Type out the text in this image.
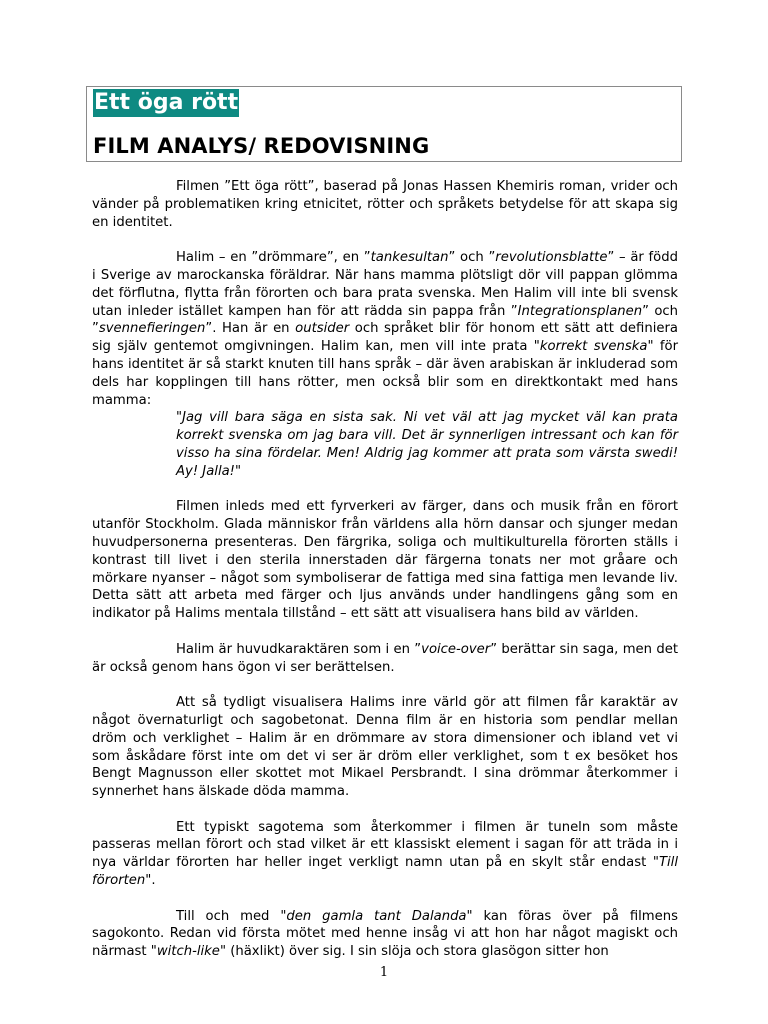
Ett öga rött
FILM ANALYS/ REDOVISNING

Filmen ”Ett öga rött”, baserad på Jonas Hassen Khemiris roman, vrider och vänder på problematiken kring etnicitet, rötter och språkets betydelse för att skapa sig en identitet.

Halim – en ”drömmare”, en ”tankesultan” och ”revolutionsblatte” – är född i Sverige av marockanska föräldrar. När hans mamma plötsligt dör vill pappan glömma det förflutna, flytta från förorten och bara prata svenska. Men Halim vill inte bli svensk utan inleder istället kampen han för att rädda sin pappa från ”Integrationsplanen” och ”svennefieringen”. Han är en outsider och språket blir för honom ett sätt att definiera sig själv gentemot omgivningen. Halim kan, men vill inte prata "korrekt svenska" för hans identitet är så starkt knuten till hans språk – där även arabiskan är inkluderad som dels har kopplingen till hans rötter, men också blir som en direktkontakt med hans mamma:
"Jag vill bara säga en sista sak. Ni vet väl att jag mycket väl kan prata korrekt svenska om jag bara vill. Det är synnerligen intressant och kan för visso ha sina fördelar. Men! Aldrig jag kommer att prata som värsta swedi! Ay! Jalla!"

Filmen inleds med ett fyrverkeri av färger, dans och musik från en förort utanför Stockholm. Glada människor från världens alla hörn dansar och sjunger medan huvudpersonerna presenteras. Den färgrika, soliga och multikulturella förorten ställs i kontrast till livet i den sterila innerstaden där färgerna tonats ner mot gråare och mörkare nyanser – något som symboliserar de fattiga med sina fattiga men levande liv. Detta sätt att arbeta med färger och ljus används under handlingens gång som en indikator på Halims mentala tillstånd – ett sätt att visualisera hans bild av världen.

Halim är huvudkaraktären som i en ”voice-over” berättar sin saga, men det är också genom hans ögon vi ser berättelsen.

Att så tydligt visualisera Halims inre värld gör att filmen får karaktär av något övernaturligt och sagobetonat. Denna film är en historia som pendlar mellan dröm och verklighet – Halim är en drömmare av stora dimensioner och ibland vet vi som åskådare först inte om det vi ser är dröm eller verklighet, som t ex besöket hos Bengt Magnusson eller skottet mot Mikael Persbrandt. I sina drömmar återkommer i synnerhet hans älskade döda mamma.

Ett typiskt sagotema som återkommer i filmen är tuneln som måste passeras mellan förort och stad vilket är ett klassiskt element i sagan för att träda in i nya världar förorten har heller inget verkligt namn utan på en skylt står endast "Till förorten".

Till och med "den gamla tant Dalanda" kan föras över på filmens sagokonto. Redan vid första mötet med henne insåg vi att hon har något magiskt och närmast "witch-like" (häxlikt) över sig. I sin slöja och stora glasögon sitter hon

1
